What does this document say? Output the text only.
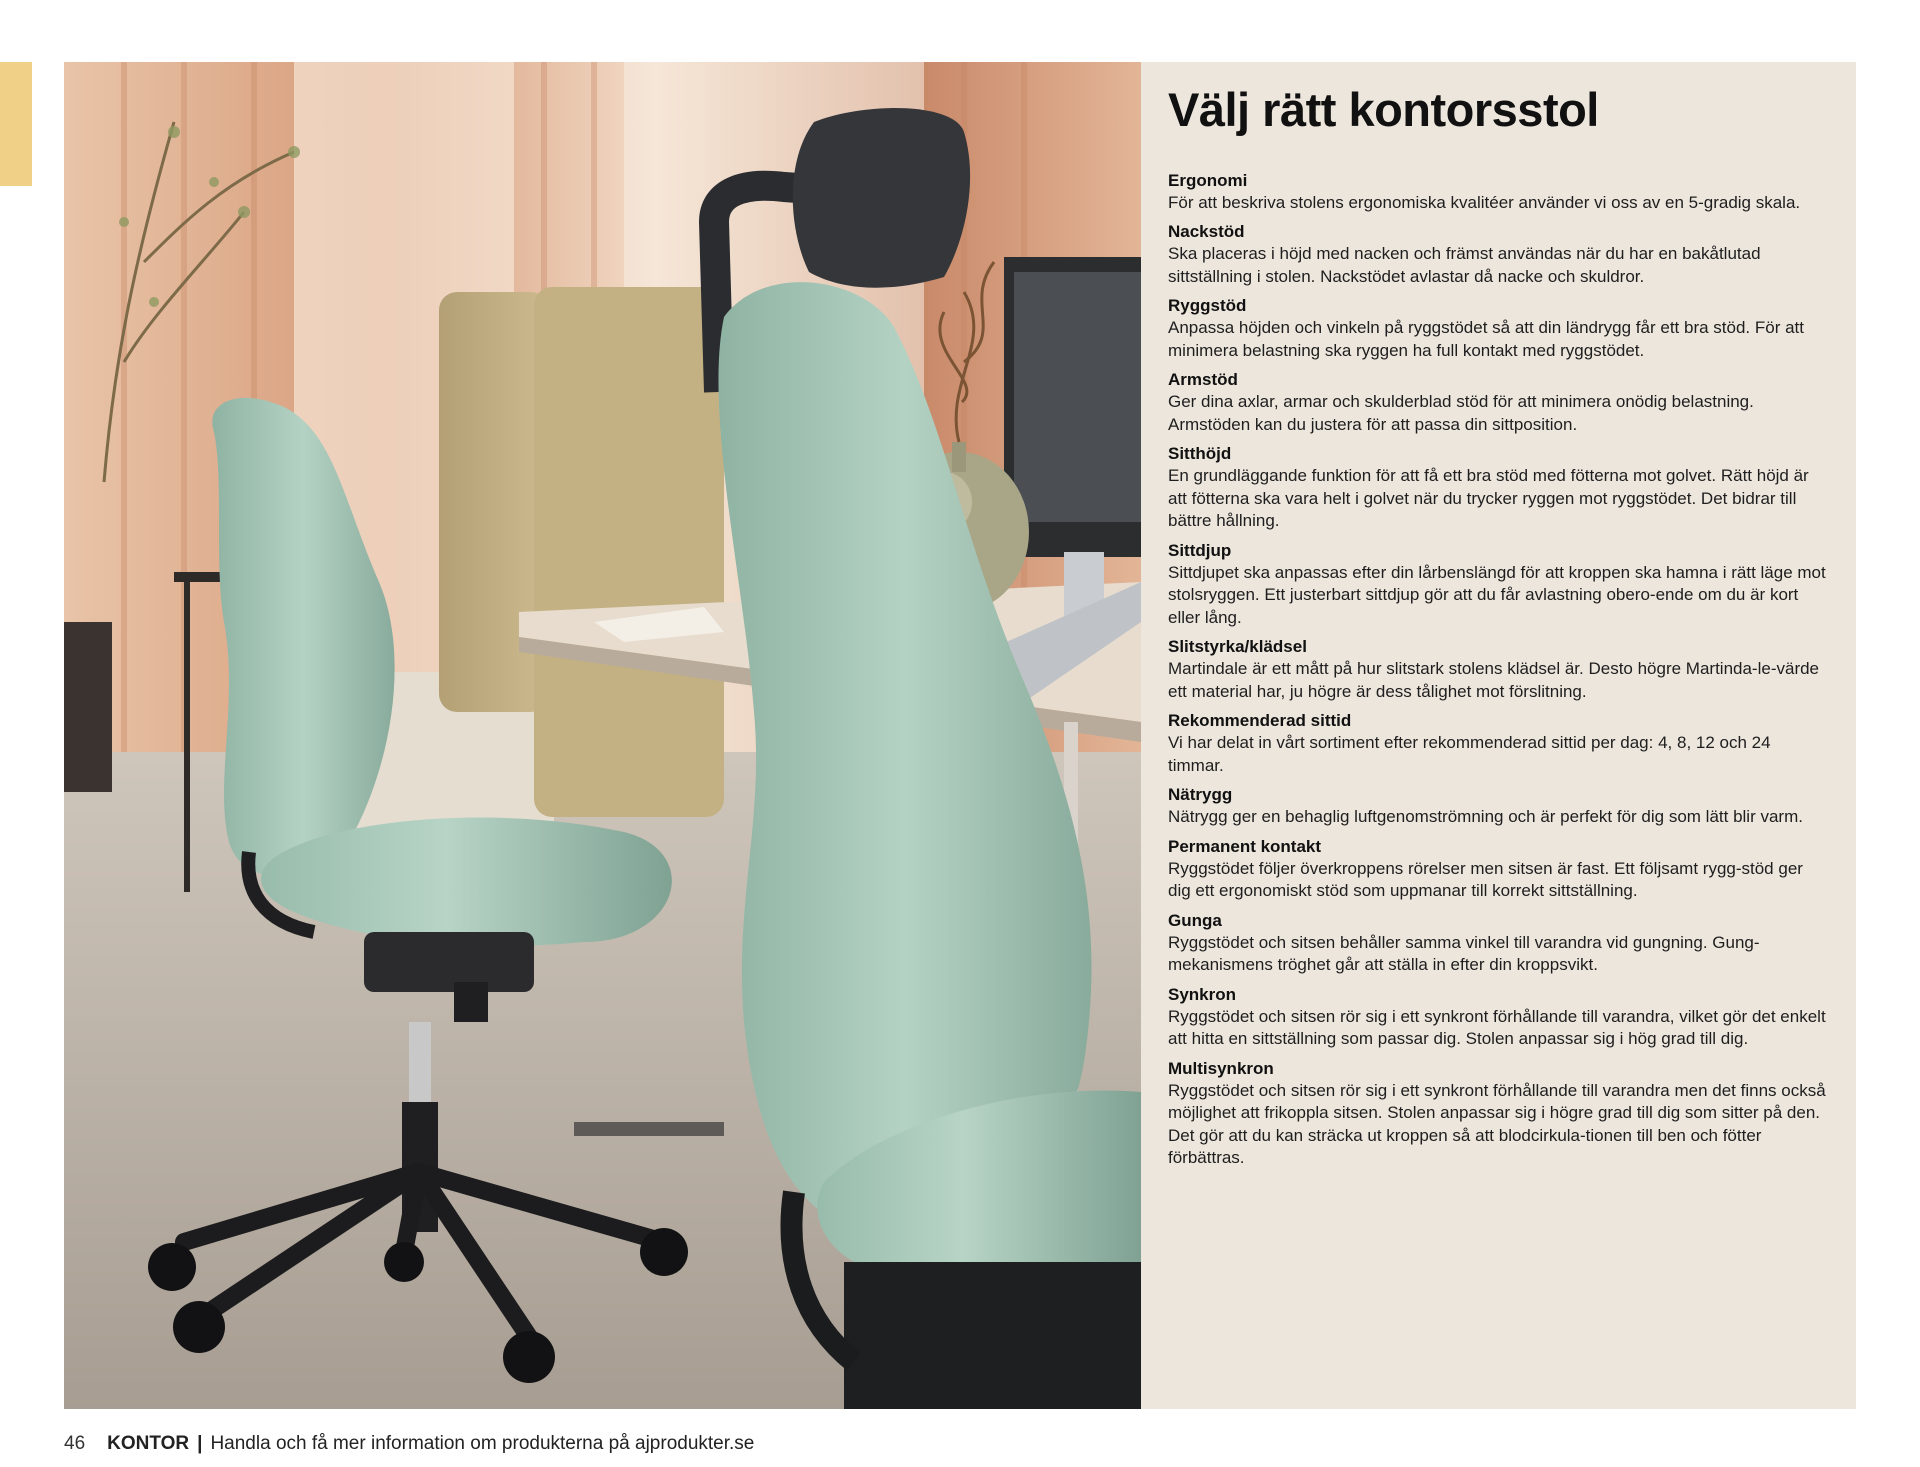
Välj rätt kontorsstol
Ergonomi
För att beskriva stolens ergonomiska kvalitéer använder vi oss av en 5-gradig skala.
Nackstöd
Ska placeras i höjd med nacken och främst användas när du har en bakåtlutad sittställning i stolen. Nackstödet avlastar då nacke och skuldror.
Ryggstöd
Anpassa höjden och vinkeln på ryggstödet så att din ländrygg får ett bra stöd. För att minimera belastning ska ryggen ha full kontakt med ryggstödet.
Armstöd
Ger dina axlar, armar och skulderblad stöd för att minimera onödig belastning. Armstöden kan du justera för att passa din sittposition.
Sitthöjd
En grundläggande funktion för att få ett bra stöd med fötterna mot golvet. Rätt höjd är att fötterna ska vara helt i golvet när du trycker ryggen mot ryggstödet. Det bidrar till bättre hållning.
Sittdjup
Sittdjupet ska anpassas efter din lårbenslängd för att kroppen ska hamna i rätt läge mot stolsryggen. Ett justerbart sittdjup gör att du får avlastning obero-ende om du är kort eller lång.
Slitstyrka/klädsel
Martindale är ett mått på hur slitstark stolens klädsel är. Desto högre Martinda-le-värde ett material har, ju högre är dess tålighet mot förslitning.
Rekommenderad sittid
Vi har delat in vårt sortiment efter rekommenderad sittid per dag: 4, 8, 12 och 24 timmar.
Nätrygg
Nätrygg ger en behaglig luftgenomströmning och är perfekt för dig som lätt blir varm.
Permanent kontakt
Ryggstödet följer överkroppens rörelser men sitsen är fast. Ett följsamt rygg-stöd ger dig ett ergonomiskt stöd som uppmanar till korrekt sittställning.
Gunga
Ryggstödet och sitsen behåller samma vinkel till varandra vid gungning. Gung-mekanismens tröghet går att ställa in efter din kroppsvikt.
Synkron
Ryggstödet och sitsen rör sig i ett synkront förhållande till varandra, vilket gör det enkelt att hitta en sittställning som passar dig. Stolen anpassar sig i hög grad till dig.
Multisynkron
Ryggstödet och sitsen rör sig i ett synkront förhållande till varandra men det finns också möjlighet att frikoppla sitsen. Stolen anpassar sig i högre grad till dig som sitter på den. Det gör att du kan sträcka ut kroppen så att blodcirkula-tionen till ben och fötter förbättras.
46 KONTOR | Handla och få mer information om produkterna på ajprodukter.se
